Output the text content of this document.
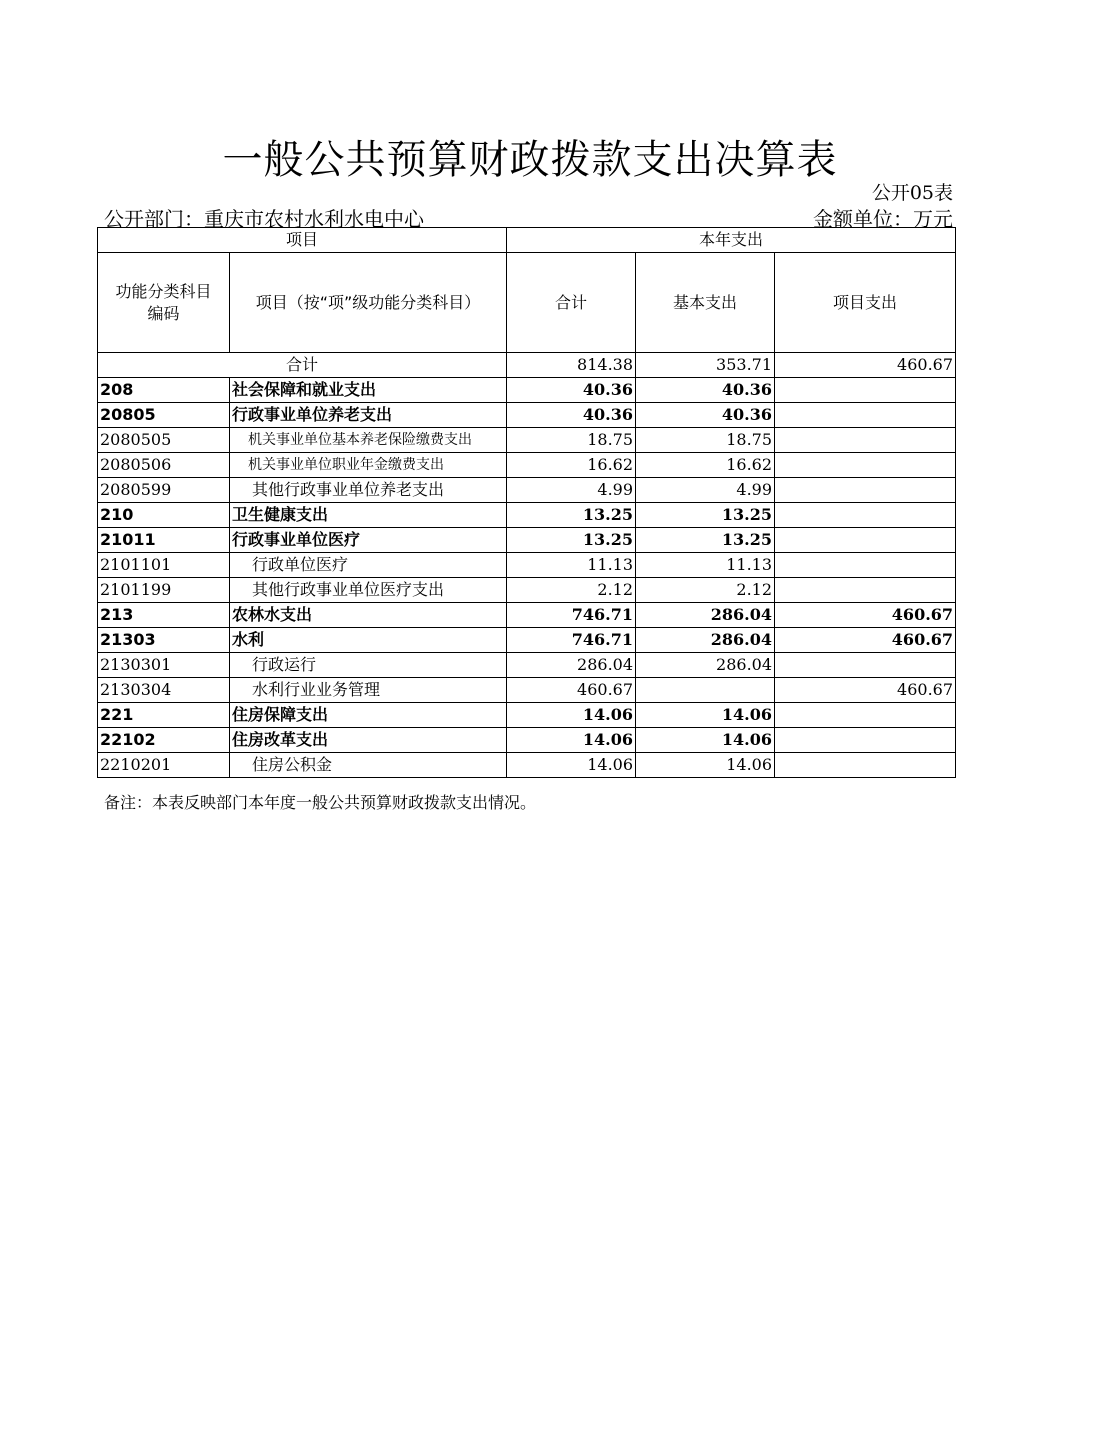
一般公共预算财政拨款支出决算表
公开05表
公开部门：重庆市农村水利水电中心	金额单位：万元
项目		本年支出		
功能分类科目编码	项目（按“项”级功能分类科目）	合计	基本支出	项目支出
合计		814.38	353.71	460.67
208	社会保障和就业支出	40.36	40.36	
20805	行政事业单位养老支出	40.36	40.36	
2080505	机关事业单位基本养老保险缴费支出	18.75	18.75	
2080506	机关事业单位职业年金缴费支出	16.62	16.62	
2080599	其他行政事业单位养老支出	4.99	4.99	
210	卫生健康支出	13.25	13.25	
21011	行政事业单位医疗	13.25	13.25	
2101101	行政单位医疗	11.13	11.13	
2101199	其他行政事业单位医疗支出	2.12	2.12	
213	农林水支出	746.71	286.04	460.67
21303	水利	746.71	286.04	460.67
2130301	行政运行	286.04	286.04	
2130304	水利行业业务管理	460.67		460.67
221	住房保障支出	14.06	14.06	
22102	住房改革支出	14.06	14.06	
2210201	住房公积金	14.06	14.06	
备注：本表反映部门本年度一般公共预算财政拨款支出情况。
